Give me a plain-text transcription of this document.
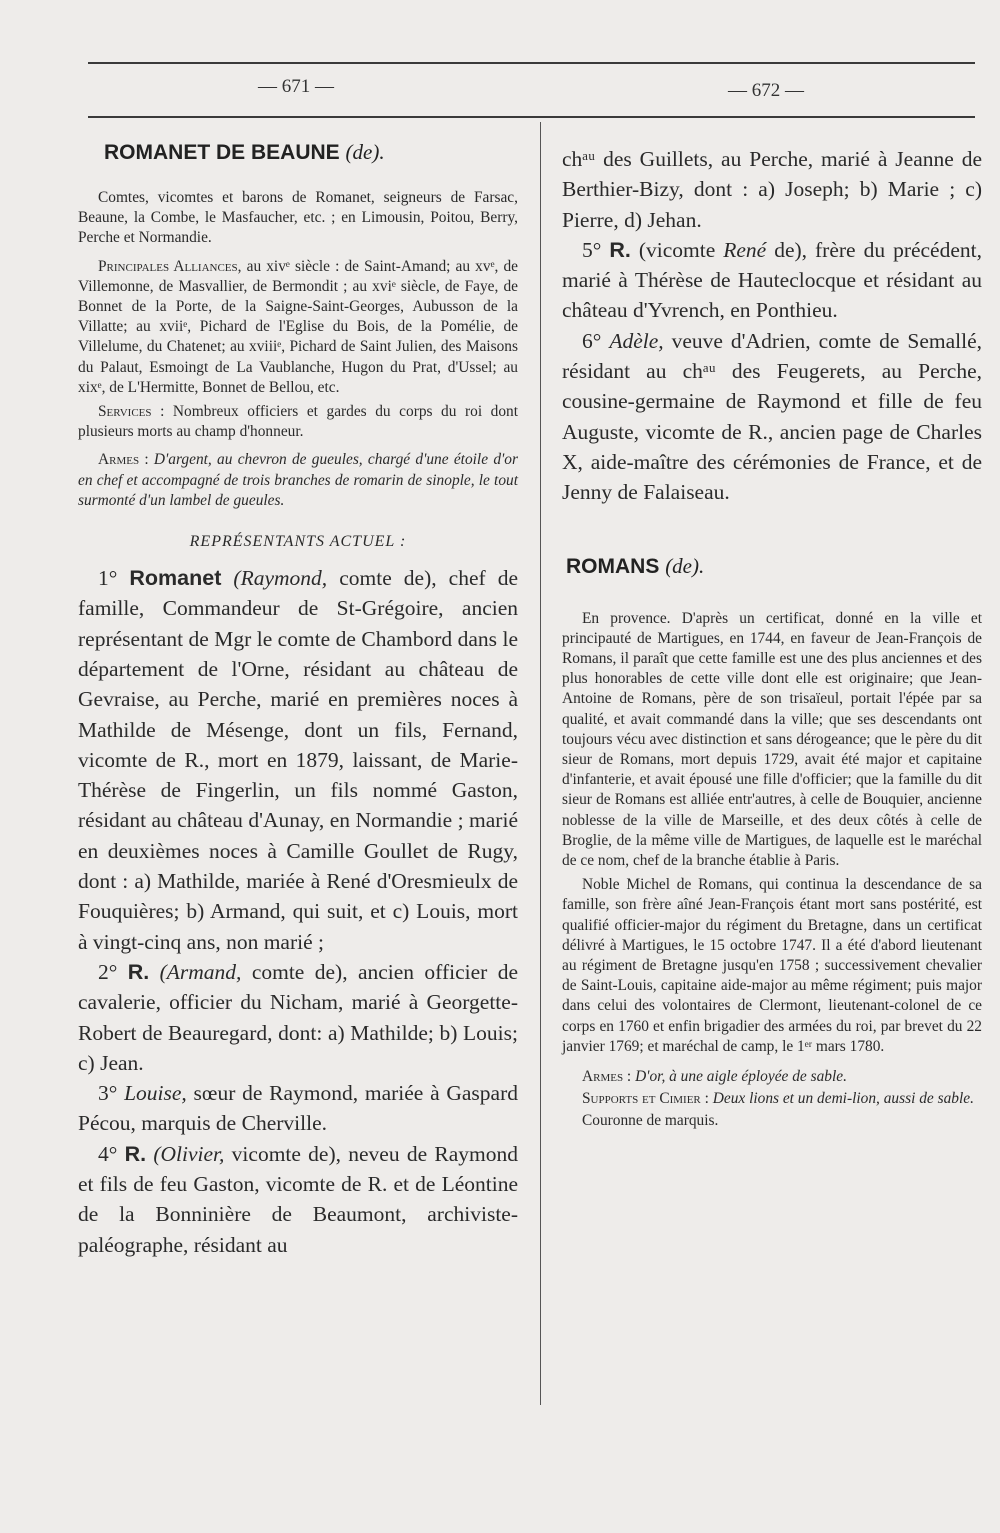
— 671 —	— 672 —
ROMANET DE BEAUNE (de).

Comtes, vicomtes et barons de Romanet, seigneurs de Farsac, Beaune, la Combe, le Masfaucher, etc. ; en Limousin, Poitou, Berry, Perche et Normandie.

Principales Alliances, au xivᵉ siècle : de Saint-Amand; au xvᵉ, de Villemonne, de Masvallier, de Bermondit ; au xviᵉ siècle, de Faye, de Bonnet de la Porte, de la Saigne-Saint-Georges, Aubusson de la Villatte; au xviiᵉ, Pichard de l'Eglise du Bois, de la Pomélie, de Villelume, du Chatenet; au xviiiᵉ, Pichard de Saint Julien, des Maisons du Palaut, Esmoingt de La Vaublanche, Hugon du Prat, d'Ussel; au xixᵉ, de L'Hermitte, Bonnet de Bellou, etc.

Services : Nombreux officiers et gardes du corps du roi dont plusieurs morts au champ d'honneur.

Armes : D'argent, au chevron de gueules, chargé d'une étoile d'or en chef et accompagné de trois branches de romarin de sinople, le tout surmonté d'un lambel de gueules.

REPRÉSENTANTS ACTUEL :

1° Romanet (Raymond, comte de), chef de famille, Commandeur de St-Grégoire, ancien représentant de Mgr le comte de Chambord dans le département de l'Orne, résidant au château de Gevraise, au Perche, marié en premières noces à Mathilde de Mésenge, dont un fils, Fernand, vicomte de R., mort en 1879, laissant, de Marie-Thérèse de Fingerlin, un fils nommé Gaston, résidant au château d'Aunay, en Normandie ; marié en deuxièmes noces à Camille Goullet de Rugy, dont : a) Mathilde, mariée à René d'Oresmieulx de Fouquières; b) Armand, qui suit, et c) Louis, mort à vingt-cinq ans, non marié ;

2° R. (Armand, comte de), ancien officier de cavalerie, officier du Nicham, marié à Georgette-Robert de Beauregard, dont: a) Mathilde; b) Louis; c) Jean.

3° Louise, sœur de Raymond, mariée à Gaspard Pécou, marquis de Cherville.

4° R. (Olivier, vicomte de), neveu de Raymond et fils de feu Gaston, vicomte de R. et de Léontine de la Bonninière de Beaumont, archiviste-paléographe, résidant au

chᵃᵘ des Guillets, au Perche, marié à Jeanne de Berthier-Bizy, dont : a) Joseph; b) Marie ; c) Pierre, d) Jehan.

5° R. (vicomte René de), frère du précédent, marié à Thérèse de Hauteclocque et résidant au château d'Yvrench, en Ponthieu.

6° Adèle, veuve d'Adrien, comte de Semallé, résidant au chᵃᵘ des Feugerets, au Perche, cousine-germaine de Raymond et fille de feu Auguste, vicomte de R., ancien page de Charles X, aide-maître des cérémonies de France, et de Jenny de Falaiseau.

ROMANS (de).

En provence. D'après un certificat, donné en la ville et principauté de Martigues, en 1744, en faveur de Jean-François de Romans, il paraît que cette famille est une des plus anciennes et des plus honorables de cette ville dont elle est originaire; que Jean-Antoine de Romans, père de son trisaïeul, portait l'épée par sa qualité, et avait commandé dans la ville; que ses descendants ont toujours vécu avec distinction et sans dérogeance; que le père du dit sieur de Romans, mort depuis 1729, avait été major et capitaine d'infanterie, et avait épousé une fille d'officier; que la famille du dit sieur de Romans est alliée entr'autres, à celle de Bouquier, ancienne noblesse de la ville de Marseille, et des deux côtés à celle de Broglie, de la même ville de Martigues, de laquelle est le maréchal de ce nom, chef de la branche établie à Paris.

Noble Michel de Romans, qui continua la descendance de sa famille, son frère aîné Jean-François étant mort sans postérité, est qualifié officier-major du régiment du Bretagne, dans un certificat délivré à Martigues, le 15 octobre 1747. Il a été d'abord lieutenant au régiment de Bretagne jusqu'en 1758 ; successivement chevalier de Saint-Louis, capitaine aide-major au même régiment; puis major dans celui des volontaires de Clermont, lieutenant-colonel de ce corps en 1760 et enfin brigadier des armées du roi, par brevet du 22 janvier 1769; et maréchal de camp, le 1ᵉʳ mars 1780.

Armes : D'or, à une aigle éployée de sable.

Supports et Cimier : Deux lions et un demi-lion, aussi de sable.

Couronne de marquis.
